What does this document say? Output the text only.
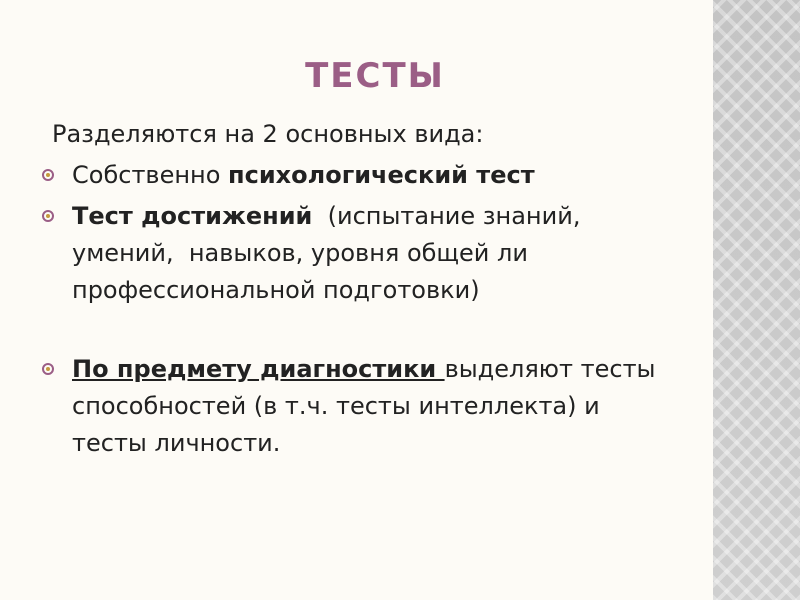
ТЕСТЫ

Разделяются на 2 основных вида:

Собственно психологический тест
Тест достижений  (испытание знаний, умений,  навыков, уровня общей ли профессиональной подготовки)
По предмету диагностики выделяют тесты способностей (в т.ч. тесты интеллекта) и тесты личности.
